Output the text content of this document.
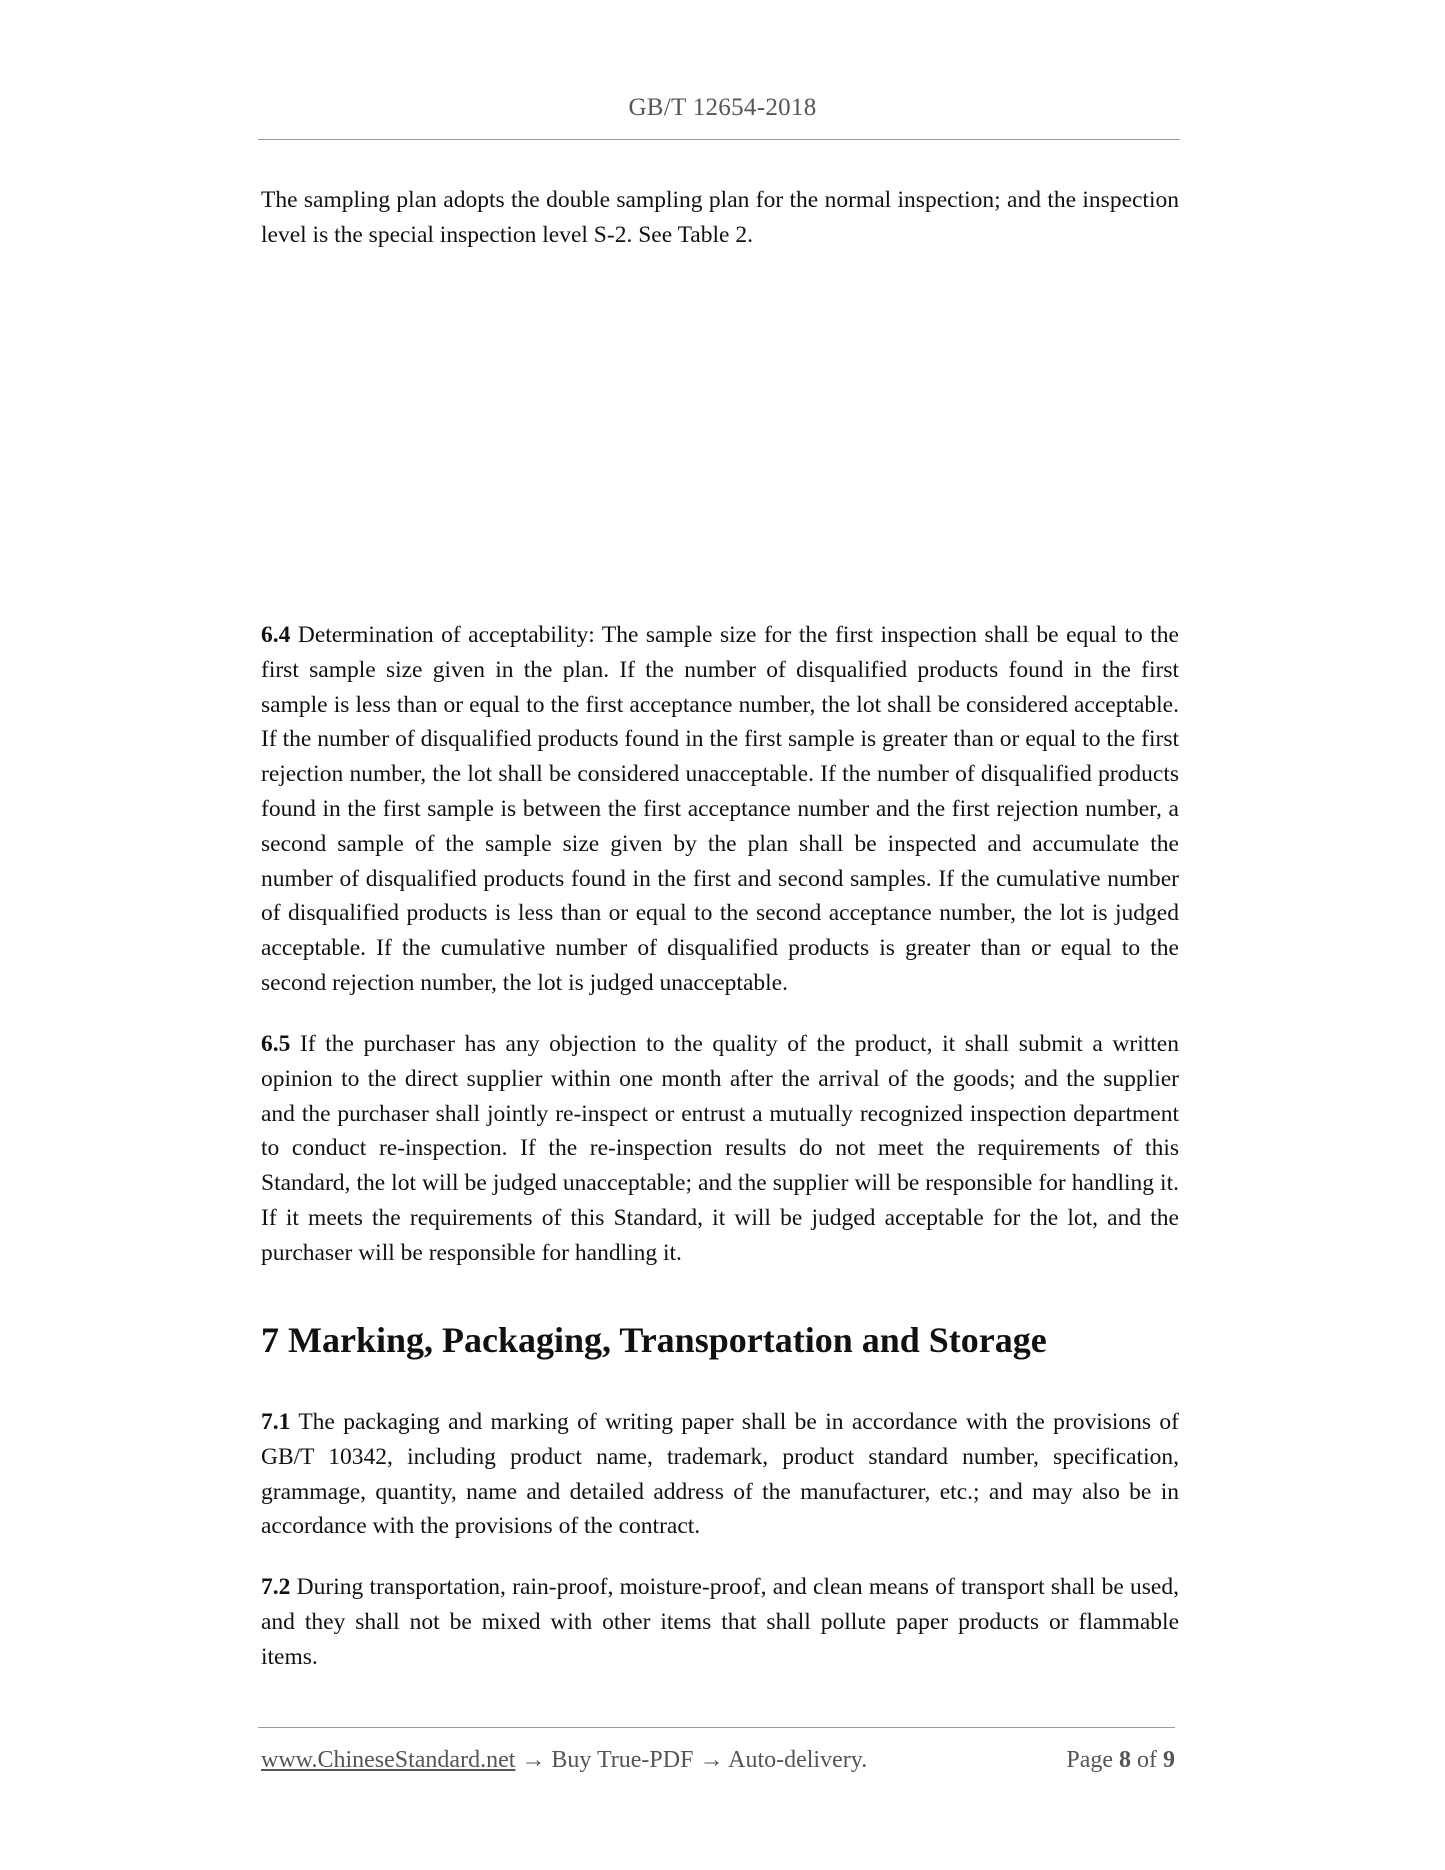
GB/T 12654-2018

The sampling plan adopts the double sampling plan for the normal inspection; and the inspection level is the special inspection level S-2. See Table 2.

6.4 Determination of acceptability: The sample size for the first inspection shall be equal to the first sample size given in the plan. If the number of disqualified products found in the first sample is less than or equal to the first acceptance number, the lot shall be considered acceptable. If the number of disqualified products found in the first sample is greater than or equal to the first rejection number, the lot shall be considered unacceptable. If the number of disqualified products found in the first sample is between the first acceptance number and the first rejection number, a second sample of the sample size given by the plan shall be inspected and accumulate the number of disqualified products found in the first and second samples. If the cumulative number of disqualified products is less than or equal to the second acceptance number, the lot is judged acceptable. If the cumulative number of disqualified products is greater than or equal to the second rejection number, the lot is judged unacceptable.

6.5 If the purchaser has any objection to the quality of the product, it shall submit a written opinion to the direct supplier within one month after the arrival of the goods; and the supplier and the purchaser shall jointly re-inspect or entrust a mutually recognized inspection department to conduct re-inspection. If the re-inspection results do not meet the requirements of this Standard, the lot will be judged unacceptable; and the supplier will be responsible for handling it. If it meets the requirements of this Standard, it will be judged acceptable for the lot, and the purchaser will be responsible for handling it.

7 Marking, Packaging, Transportation and Storage

7.1 The packaging and marking of writing paper shall be in accordance with the provisions of GB/T 10342, including product name, trademark, product standard number, specification, grammage, quantity, name and detailed address of the manufacturer, etc.; and may also be in accordance with the provisions of the contract.

7.2 During transportation, rain-proof, moisture-proof, and clean means of transport shall be used, and they shall not be mixed with other items that shall pollute paper products or flammable items.

www.ChineseStandard.net → Buy True-PDF → Auto-delivery.	Page 8 of 9
